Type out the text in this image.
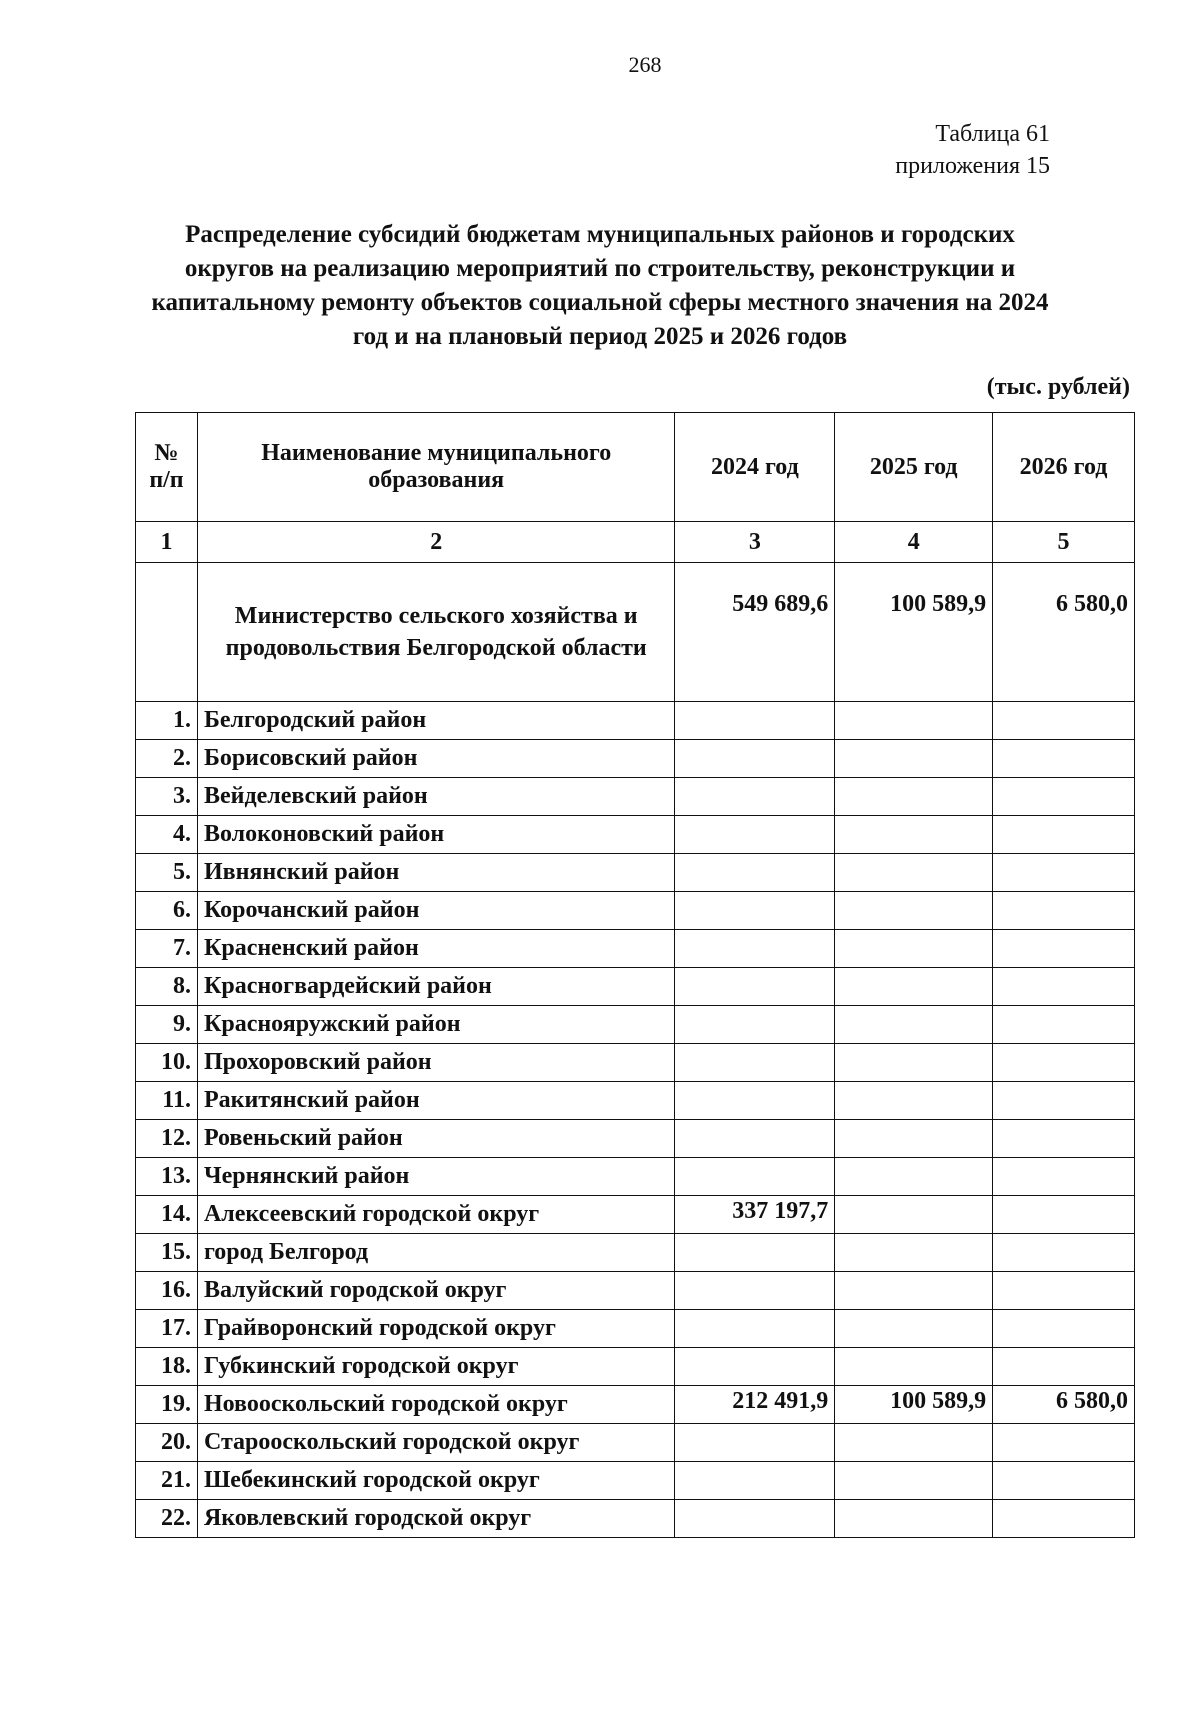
268
Таблица 61
приложения 15
Распределение субсидий бюджетам муниципальных районов и городских округов на реализацию мероприятий по строительству, реконструкции и капитальному ремонту объектов социальной сферы местного значения на 2024 год и на плановый период 2025 и 2026 годов
(тыс. рублей)
№ п/п	Наименование муниципального образования	2024 год	2025 год	2026 год
1	2	3	4	5
	Министерство сельского хозяйства и продовольствия Белгородской области	549 689,6	100 589,9	6 580,0
1.	Белгородский район			
2.	Борисовский район			
3.	Вейделевский район			
4.	Волоконовский район			
5.	Ивнянский район			
6.	Корочанский район			
7.	Красненский район			
8.	Красногвардейский район			
9.	Краснояружский район			
10.	Прохоровский район			
11.	Ракитянский район			
12.	Ровеньский район			
13.	Чернянский район			
14.	Алексеевский городской округ	337 197,7		
15.	город Белгород			
16.	Валуйский городской округ			
17.	Грайворонский городской округ			
18.	Губкинский городской округ			
19.	Новооскольский городской округ	212 491,9	100 589,9	6 580,0
20.	Старооскольский городской округ			
21.	Шебекинский городской округ			
22.	Яковлевский городской округ			
